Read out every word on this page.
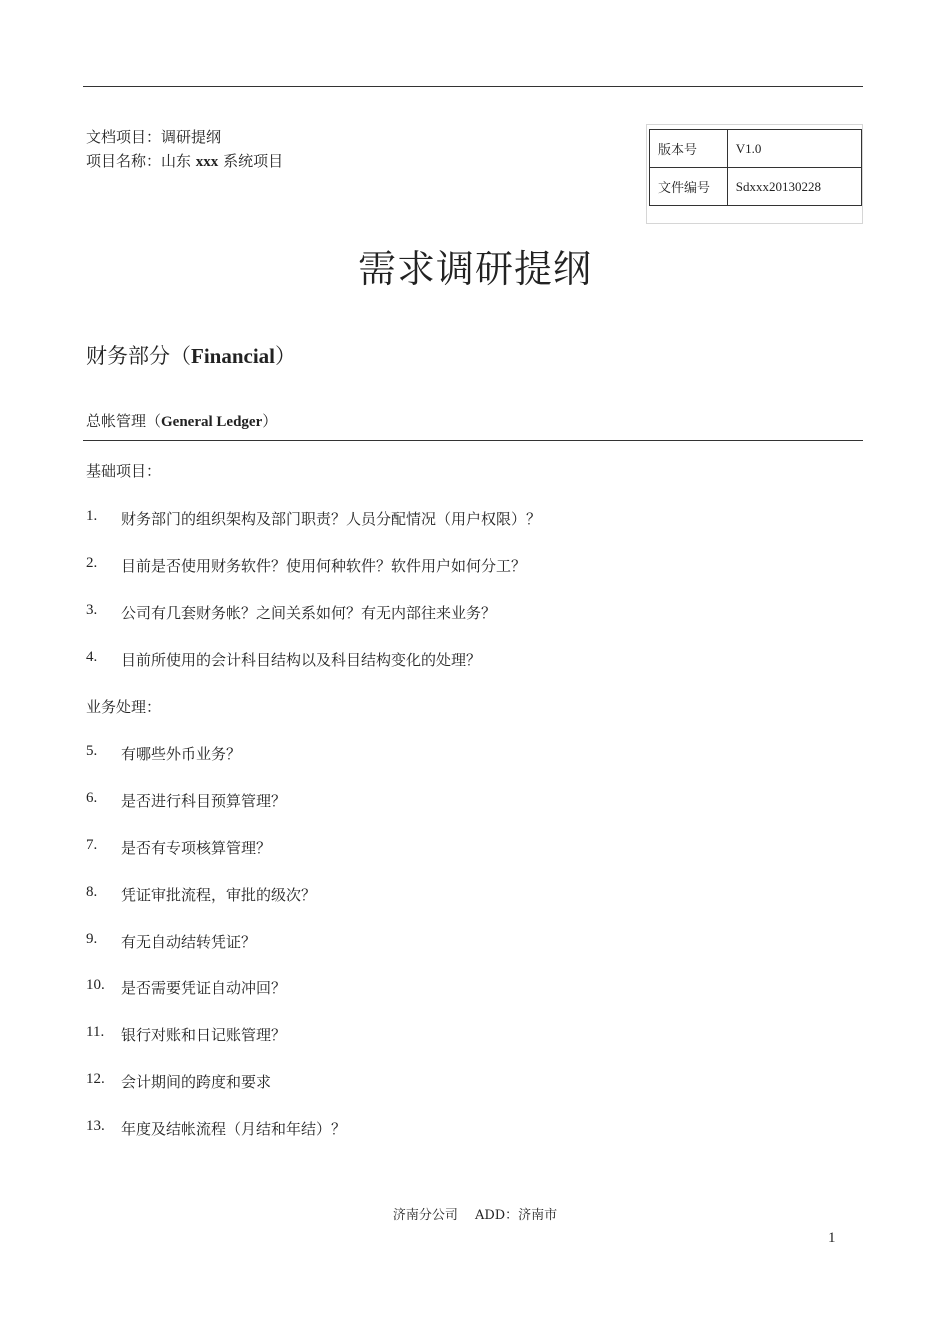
文档项目：调研提纲
项目名称：山东 xxx 系统项目
版本号	V1.0
文件编号	Sdxxx20130228
需求调研提纲
财务部分（Financial）
总帐管理（General Ledger）
基础项目：
1.	财务部门的组织架构及部门职责？人员分配情况（用户权限）？
2.	目前是否使用财务软件？使用何种软件？软件用户如何分工？
3.	公司有几套财务帐？之间关系如何？有无内部往来业务？
4.	目前所使用的会计科目结构以及科目结构变化的处理？
业务处理：
5.	有哪些外币业务？
6.	是否进行科目预算管理？
7.	是否有专项核算管理？
8.	凭证审批流程，审批的级次？
9.	有无自动结转凭证？
10.	是否需要凭证自动冲回？
11.	银行对账和日记账管理？
12.	会计期间的跨度和要求
13.	年度及结帐流程（月结和年结）？
济南分公司　 ADD：济南市
1
